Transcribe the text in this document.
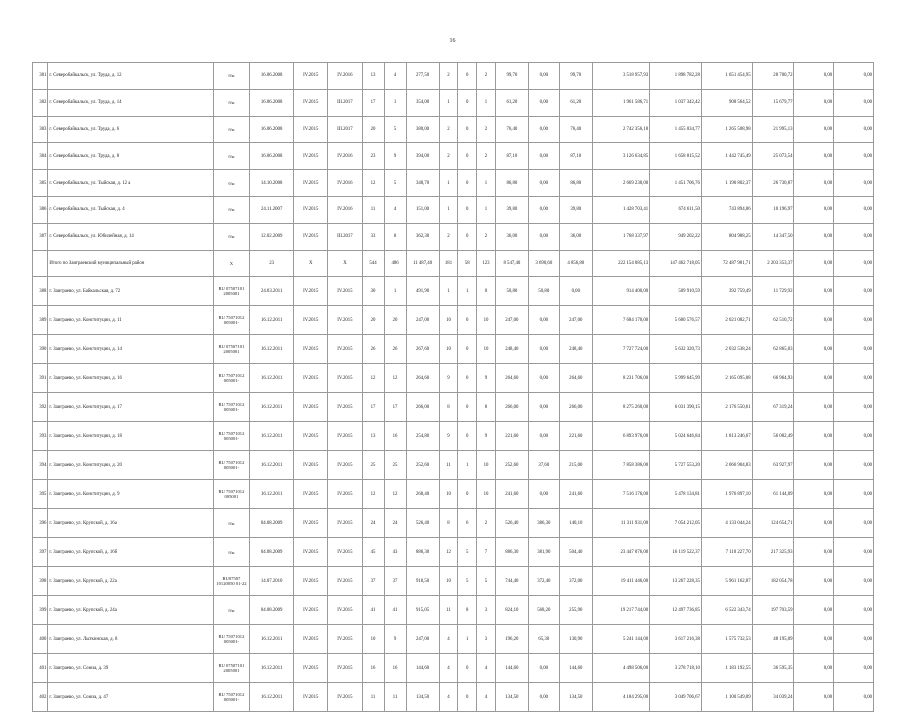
16
381	г. Северобайкальск, ул. Труда, д. 12	б/н	16.06.2008	IV.2015	IV.2016	13	4	277,50	2	0	2	99,70	0,00	99,70	3 518 957,93	1 898 782,28	1 651 454,95	28 700,72	0,00	0,00
382	г. Северобайкальск, ул. Труда, д. 14	б/н	16.06.2008	IV.2015	III.2017	17	1	354,00	1	0	1	61,20	0,00	61,20	1 961 586,71	1 037 342,42	908 564,52	15 679,77	0,00	0,00
383	г. Северобайкальск, ул. Труда, д. 6	б/н	16.06.2008	IV.2015	III.2017	20	5	380,00	2	0	2	76,40	0,00	76,40	2 742 356,18	1 455 034,77	1 265 508,98	21 995,13	0,00	0,00
384	г. Северобайкальск, ул. Труда, д. 8	б/н	16.06.2008	IV.2015	IV.2016	23	9	394,00	2	0	2	87,10	0,00	87,10	3 126 634,85	1 658 815,52	1 442 745,49	25 073,54	0,00	0,00
385	г. Северобайкальск, ул. Тыйская, д. 12 а	б/н	14.10.2008	IV.2015	IV.2016	12	5	348,70	1	0	1	86,80	0,00	86,80	2 669 238,00	1 451 706,76	1 190 802,37	26 730,87	0,00	0,00
386	г. Северобайкальск, ул. Тыйская, д. 4	б/н	24.11.2007	IV.2015	IV.2016	11	4	151,00	1	0	1	39,80	0,00	39,80	1 428 703,41	674 611,50	743 894,86	10 196,97	0,00	0,00
387	г. Северобайкальск, ул. Юбилейная, д. 14	б/н	12.02.2009	IV.2015	III.2017	33	8	362,30	2	0	2	36,00	0,00	36,00	1 768 337,97	949 202,22	804 988,25	14 347,50	0,00	0,00
	Итого по Заиграевский муниципальный район	X	23	X	X	544	486	11 487,40	181	58	123	8 547,40	3 690,60	4 856,80	222 154 085,13	147 462 718,05	72 487 981,71	2 203 353,37	0,00	0,00
388	г. Заиграево, ул. Байкальская, д. 72	RU 07507101 2005001	24.03.2011	IV.2015	IV.2015	30	1	491,90	1	1	0	50,80	50,80	0,00	914 400,00	509 910,59	392 759,49	11 729,92	0,00	0,00
389	г. Заиграево, ул. Конституции, д. 11	RU 75071012 005001-	16.12.2011	IV.2015	IV.2015	20	20	247,00	10	0	10	247,00	0,00	247,00	7 684 170,00	5 600 576,57	2 021 082,71	62 510,72	0,00	0,00
390	г. Заиграево, ул. Конституции, д. 14	RU 07507101 2005001	16.12.2011	IV.2015	IV.2015	26	26	267,60	10	0	10	248,40	0,00	248,40	7 727 724,00	5 632 320,73	2 032 538,24	62 865,03	0,00	0,00
391	г. Заиграево, ул. Конституции, д. 16	RU 75071012 005001-	16.12.2011	IV.2015	IV.2015	12	12	264,60	9	0	9	264,60	0,00	264,60	8 231 706,00	5 999 645,99	2 165 095,08	66 964,93	0,00	0,00
392	г. Заиграево, ул. Конституции, д. 17	RU 75071012 005001-	16.12.2011	IV.2015	IV.2015	17	17	266,00	8	0	8	266,00	0,00	266,00	8 275 260,00	6 031 390,15	2 176 550,61	67 319,24	0,00	0,00
393	г. Заиграево, ул. Конституции, д. 18	RU 75071012 005001-	16.12.2011	IV.2015	IV.2015	13	16	254,80	9	0	9	221,60	0,00	221,60	6 893 976,00	5 024 646,84	1 813 246,67	56 082,49	0,00	0,00
394	г. Заиграево, ул. Конституции, д. 20	RU 75071012 005001-	16.12.2011	IV.2015	IV.2015	25	25	252,60	11	1	10	252,60	37,60	215,00	7 858 386,00	5 727 553,20	2 066 904,83	63 927,97	0,00	0,00
395	г. Заиграево, ул. Конституции, д. 9	RU 75071012 005001	16.12.2011	IV.2015	IV.2015	12	12	268,40	10	0	10	241,60	0,00	241,60	7 516 176,00	5 478 134,81	1 976 897,10	61 144,09	0,00	0,00
396	г. Заиграево, ул. Крупской, д. 16а	б/н	04.08.2009	IV.2015	IV.2015	24	24	526,40	8	6	2	526,40	386,30	140,10	11 311 931,00	7 054 212,05	4 133 044,24	124 654,71	0,00	0,00
397	г. Заиграево, ул. Крупской, д. 16б	б/н	04.08.2009	IV.2015	IV.2015	45	43	886,30	12	5	7	886,30	381,90	504,40	23 447 076,00	16 119 522,37	7 110 227,70	217 325,93	0,00	0,00
398	г. Заиграево, ул. Крупской, д. 22а	RU07507 10120050 01-22	14.07.2010	IV.2015	IV.2015	37	37	918,50	10	5	5	744,40	372,40	372,00	19 411 446,00	13 267 228,35	5 961 162,87	182 054,78	0,00	0,00
399	г. Заиграево, ул. Крупской, д. 24а	б/н	04.08.2009	IV.2015	IV.2015	41	41	915,05	11	8	3	824,10	568,20	255,90	19 217 744,00	12 497 736,85	6 522 343,74	197 703,59	0,00	0,00
400	г. Заиграево, ул. Лыткинская, д. 8	RU 75071012 005001-	16.12.2011	IV.2015	IV.2015	10	9	247,00	4	1	3	196,20	65,30	130,90	5 241 144,00	3 617 216,38	1 575 732,53	48 195,09	0,00	0,00
401	г. Заиграево, ул. Союза, д. 39	RU 07507101 2005001	16.12.2011	IV.2015	IV.2015	16	16	144,60	4	0	4	144,60	0,00	144,60	4 498 506,00	3 278 718,10	1 183 192,55	36 595,35	0,00	0,00
402	г. Заиграево, ул. Союза, д. 47	RU 75071012 005001-	16.12.2011	IV.2015	IV.2015	11	11	134,50	4	0	4	134,50	0,00	134,50	4 184 295,00	3 049 706,67	1 100 549,09	34 039,24	0,00	0,00
